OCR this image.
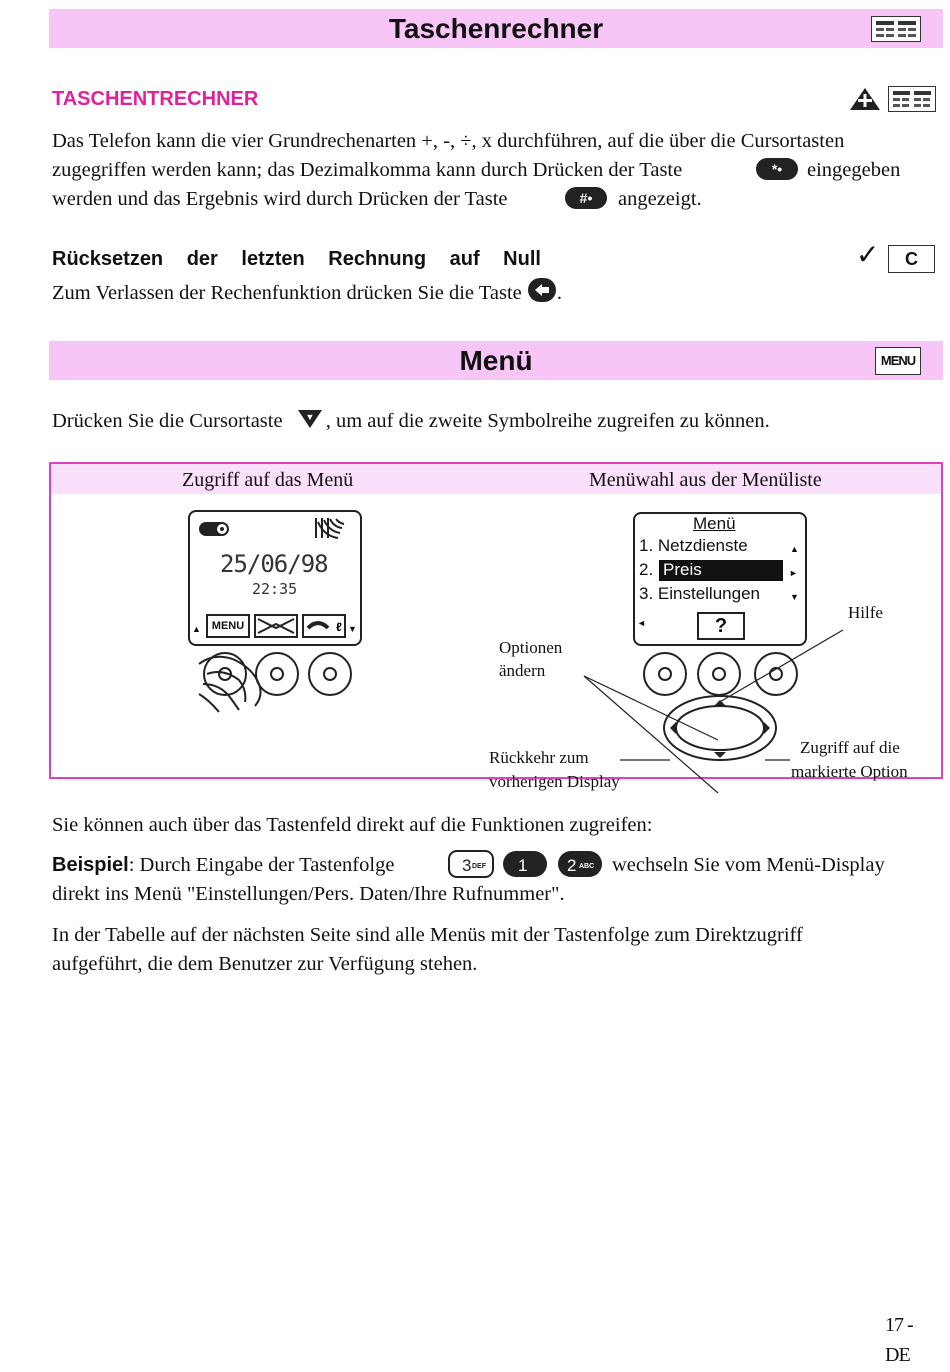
Taschenrechner
TASCHENTRECHNER
Das Telefon kann die vier Grundrechenarten +, -, ÷, x durchführen, auf die über die Cursortasten
zugegriffen werden kann; das Dezimalkomma kann durch Drücken der Taste	*• eingegeben
werden und das Ergebnis wird durch Drücken der Taste	#• angezeigt.
Rücksetzen der letzten Rechnung auf Null	✓	C
Zum Verlassen der Rechenfunktion drücken Sie die Taste .
Menü	MENU
Drücken Sie die Cursortaste	▼ , um auf die zweite Symbolreihe zugreifen zu können.
Zugriff auf das Menü	Menüwahl aus der Menüliste
25/06/98
22:35
▲ MENU	ℓ ▼
Menü
1. Netzdienste
2. Preis
3. Einstellungen
▲
►
▼
◄	?
Hilfe
Optionen
ändern
Rückkehr zum
vorherigen Display
Zugriff auf die
markierte Option
Sie können auch über das Tastenfeld direkt auf die Funktionen zugreifen:
Beispiel: Durch Eingabe der Tastenfolge	3 DEF 1 2 ABC wechseln Sie vom Menü-Display
direkt ins Menü "Einstellungen/Pers. Daten/Ihre Rufnummer".
In der Tabelle auf der nächsten Seite sind alle Menüs mit der Tastenfolge zum Direktzugriff
aufgeführt, die dem Benutzer zur Verfügung stehen.
17 -
DE
